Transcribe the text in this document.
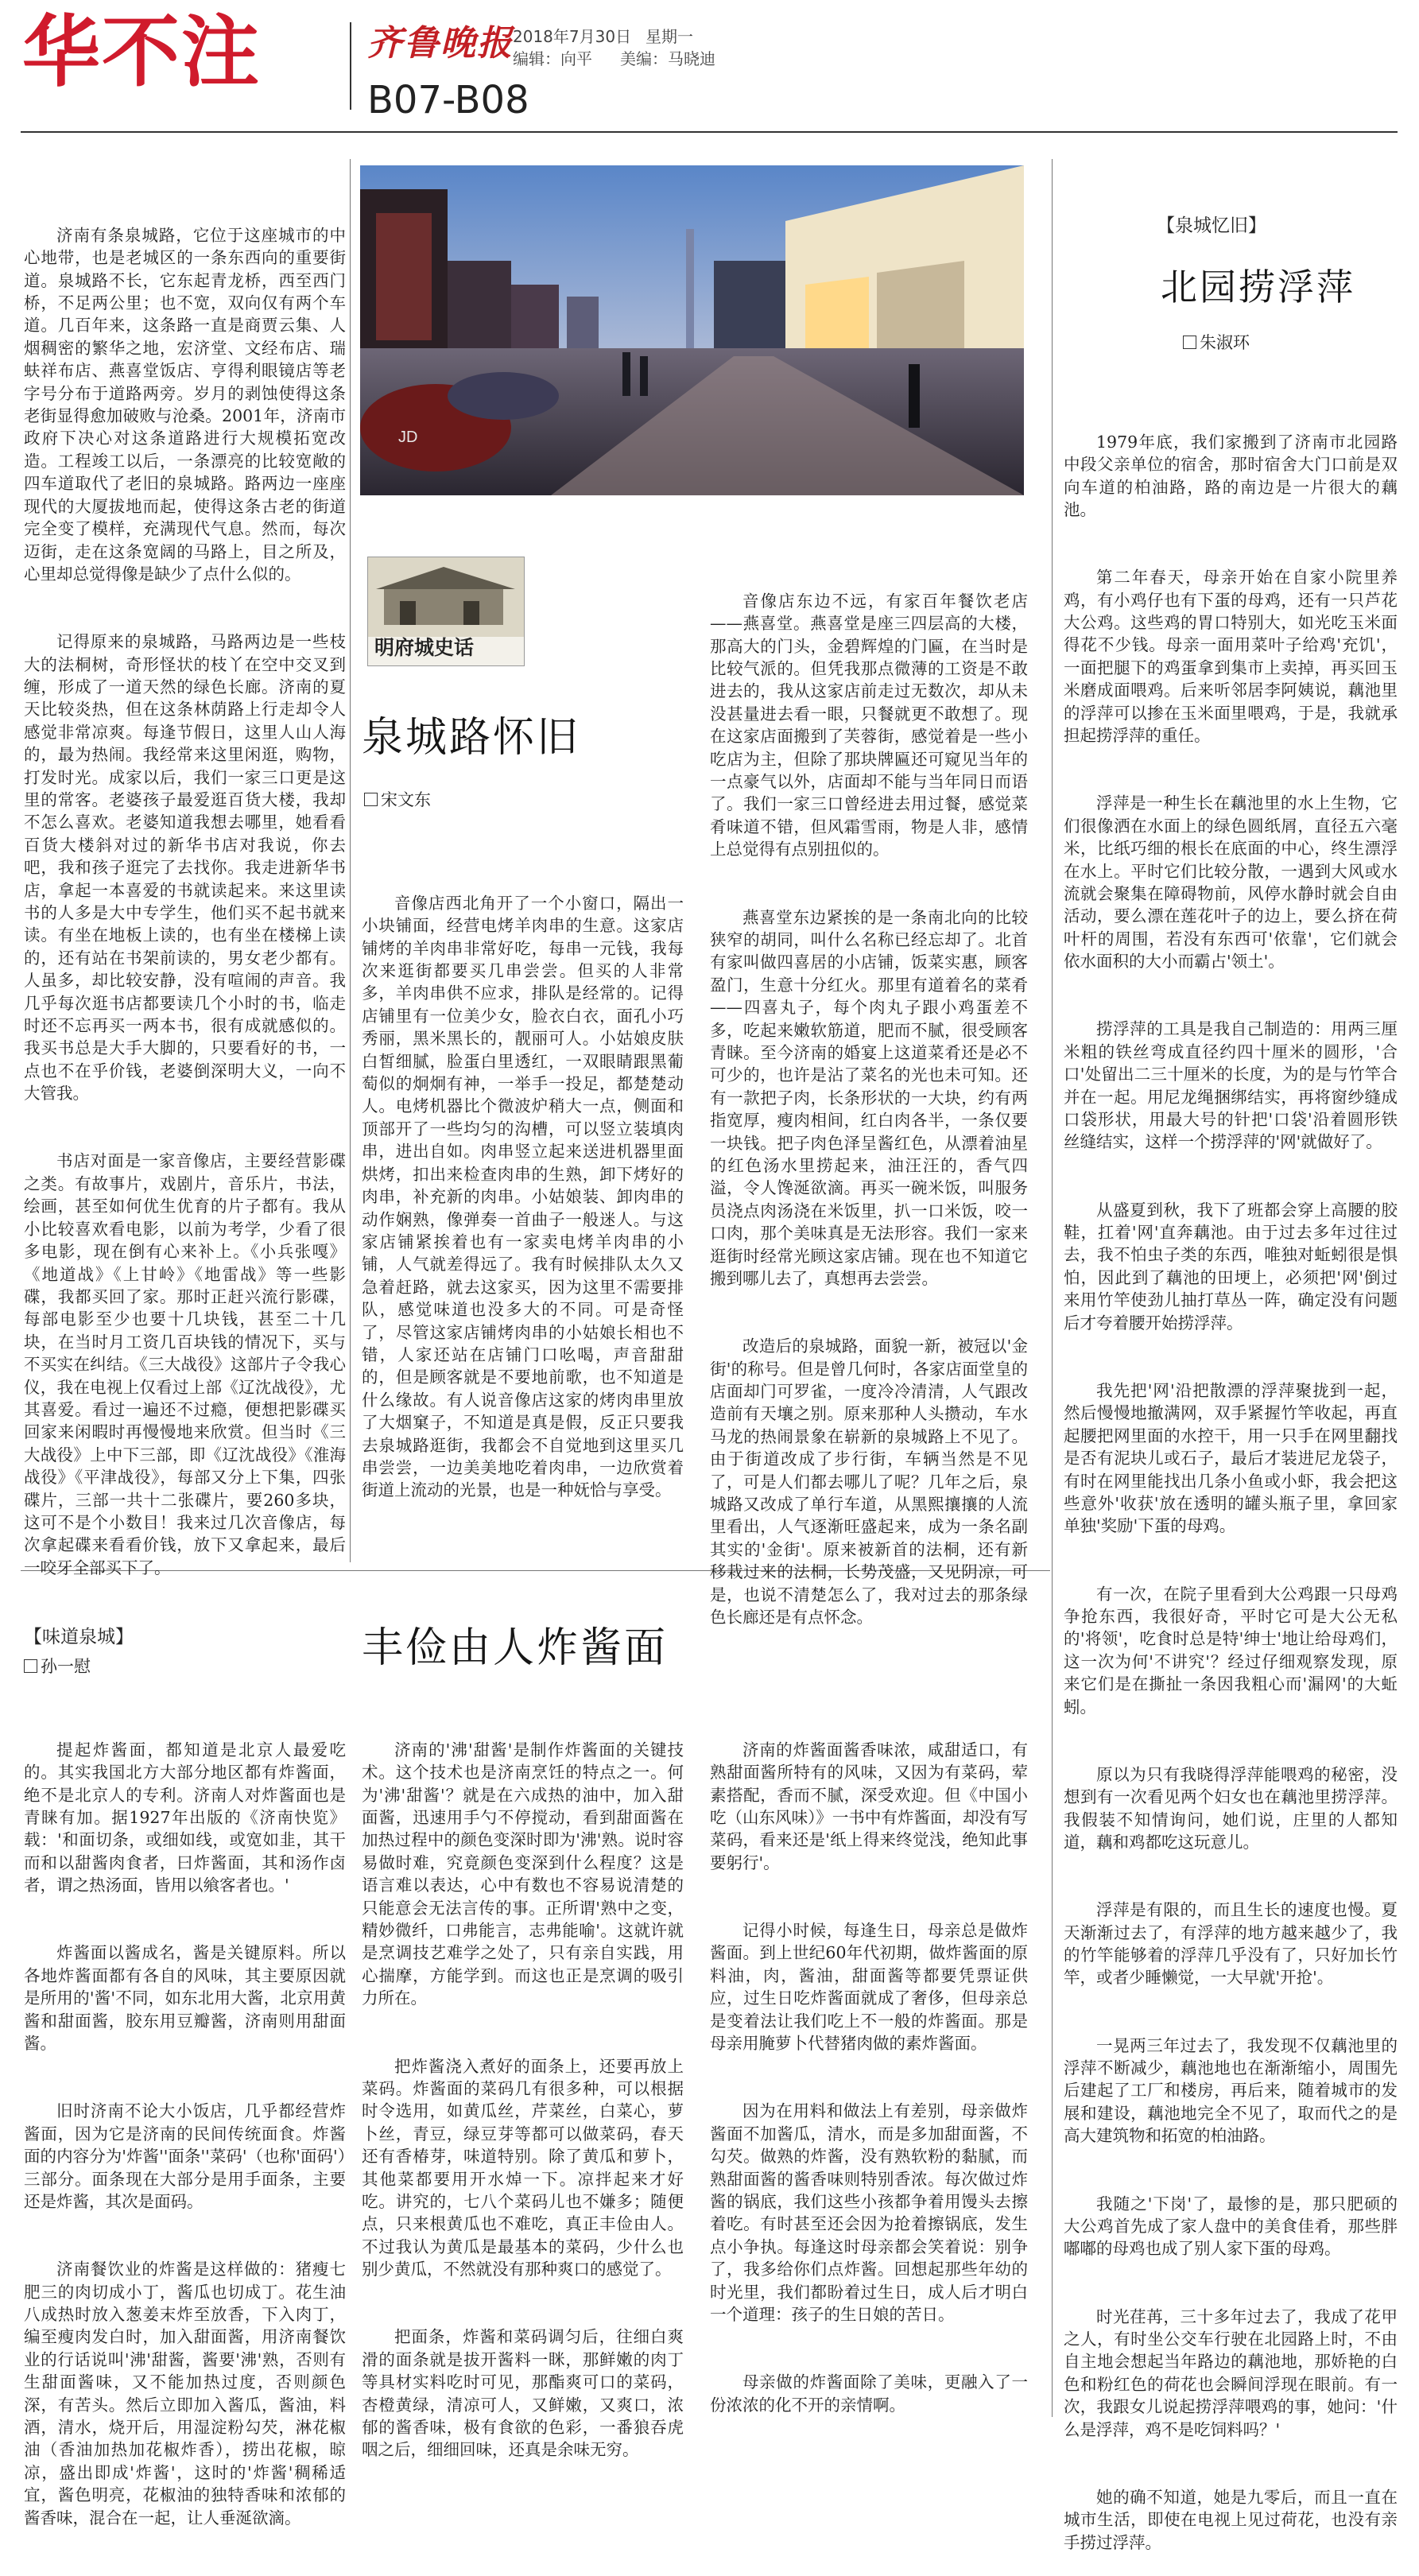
华不注	齐鲁晚报 2018年7月30日 星期一
编辑：向平 美编：马晓迪
B07-B08
JD

济南有条泉城路，它位于这座城市的中心地带，也是老城区的一条东西向的重要街道。泉城路不长，它东起青龙桥，西至西门桥，不足两公里；也不宽，双向仅有两个车道。几百年来，这条路一直是商贾云集、人烟稠密的繁华之地，宏济堂、文经布店、瑞蚨祥布店、燕喜堂饭店、亨得利眼镜店等老字号分布于道路两旁。岁月的剥蚀使得这条老街显得愈加破败与沧桑。2001年，济南市政府下决心对这条道路进行大规模拓宽改造。工程竣工以后，一条漂亮的比较宽敞的四车道取代了老旧的泉城路。路两边一座座现代的大厦拔地而起，使得这条古老的街道完全变了模样，充满现代气息。然而，每次迈街，走在这条宽阔的马路上，目之所及，心里却总觉得像是缺少了点什么似的。

记得原来的泉城路，马路两边是一些枝大的法桐树，奇形怪状的枝丫在空中交叉到缠，形成了一道天然的绿色长廊。济南的夏天比较炎热，但在这条林荫路上行走却令人感觉非常凉爽。每逢节假日，这里人山人海的，最为热闹。我经常来这里闲逛，购物，打发时光。成家以后，我们一家三口更是这里的常客。老婆孩子最爱逛百货大楼，我却不怎么喜欢。老婆知道我想去哪里，她看看百货大楼斜对过的新华书店对我说，你去吧，我和孩子逛完了去找你。我走进新华书店，拿起一本喜爱的书就读起来。来这里读书的人多是大中专学生，他们买不起书就来读。有坐在地板上读的，也有坐在楼梯上读的，还有站在书架前读的，男女老少都有。人虽多，却比较安静，没有喧闹的声音。我几乎每次逛书店都要读几个小时的书，临走时还不忘再买一两本书，很有成就感似的。我买书总是大手大脚的，只要看好的书，一点也不在乎价钱，老婆倒深明大义，一向不大管我。

书店对面是一家音像店，主要经营影碟之类。有故事片，戏剧片，音乐片，书法，绘画，甚至如何优生优育的片子都有。我从小比较喜欢看电影，以前为考学，少看了很多电影，现在倒有心来补上。《小兵张嘎》《地道战》《上甘岭》《地雷战》等一些影碟，我都买回了家。那时正赶兴流行影碟，每部电影至少也要十几块钱，甚至二十几块，在当时月工资几百块钱的情况下，买与不买实在纠结。《三大战役》这部片子令我心仪，我在电视上仅看过上部《辽沈战役》，尤其喜爱。看过一遍还不过瘾，便想把影碟买回家来闲暇时再慢慢地来欣赏。但当时《三大战役》上中下三部，即《辽沈战役》《淮海战役》《平津战役》，每部又分上下集，四张碟片，三部一共十二张碟片，要260多块，这可不是个小数目！我来过几次音像店，每次拿起碟来看看价钱，放下又拿起来，最后一咬牙全部买下了。

明府城史话
泉城路怀旧
宋文东

音像店西北角开了一个小窗口，隔出一小块铺面，经营电烤羊肉串的生意。这家店铺烤的羊肉串非常好吃，每串一元钱，我每次来逛街都要买几串尝尝。但买的人非常多，羊肉串供不应求，排队是经常的。记得店铺里有一位美少女，脸衣白衣，面孔小巧秀丽，黑米黑长的，靓丽可人。小姑娘皮肤白皙细腻，脸蛋白里透红，一双眼睛跟黑葡萄似的炯炯有神，一举手一投足，都楚楚动人。电烤机器比个微波炉稍大一点，侧面和顶部开了一些均匀的沟槽，可以竖立装填肉串，进出自如。肉串竖立起来送进机器里面烘烤，扣出来检查肉串的生熟，卸下烤好的肉串，补充新的肉串。小姑娘装、卸肉串的动作娴熟，像弹奏一首曲子一般迷人。与这家店铺紧挨着也有一家卖电烤羊肉串的小铺，人气就差得远了。我有时候排队太久又急着赶路，就去这家买，因为这里不需要排队，感觉味道也没多大的不同。可是奇怪了，尽管这家店铺烤肉串的小姑娘长相也不错，人家还站在店铺门口吆喝，声音甜甜的，但是顾客就是不要地前歌，也不知道是什么缘故。有人说音像店这家的烤肉串里放了大烟窠子，不知道是真是假，反正只要我去泉城路逛街，我都会不自觉地到这里买几串尝尝，一边美美地吃着肉串，一边欣赏着街道上流动的光景，也是一种妩恰与享受。

音像店东边不远，有家百年餐饮老店——燕喜堂。燕喜堂是座三四层高的大楼，那高大的门头，金碧辉煌的门匾，在当时是比较气派的。但凭我那点微薄的工资是不敢进去的，我从这家店前走过无数次，却从未没甚量进去看一眼，只餐就更不敢想了。现在这家店面搬到了芙蓉街，感觉着是一些小吃店为主，但除了那块牌匾还可窥见当年的一点豪气以外，店面却不能与当年同日而语了。我们一家三口曾经进去用过餐，感觉菜肴味道不错，但风霜雪雨，物是人非，感情上总觉得有点别扭似的。

燕喜堂东边紧挨的是一条南北向的比较狭窄的胡同，叫什么名称已经忘却了。北首有家叫做四喜居的小店铺，饭菜实惠，顾客盈门，生意十分红火。那里有道着名的菜肴——四喜丸子，每个肉丸子跟小鸡蛋差不多，吃起来嫩软筋道，肥而不腻，很受顾客青睐。至今济南的婚宴上这道菜肴还是必不可少的，也许是沾了菜名的光也未可知。还有一款把子肉，长条形状的一大块，约有两指宽厚，瘦肉相间，红白肉各半，一条仅要一块钱。把子肉色泽呈酱红色，从漂着油星的红色汤水里捞起来，油汪汪的，香气四溢，令人馋涎欲滴。再买一碗米饭，叫服务员浇点肉汤浇在米饭里，扒一口米饭，咬一口肉，那个美味真是无法形容。我们一家来逛街时经常光顾这家店铺。现在也不知道它搬到哪儿去了，真想再去尝尝。

改造后的泉城路，面貌一新，被冠以'金街'的称号。但是曾几何时，各家店面堂皇的店面却门可罗雀，一度冷冷清清，人气跟改造前有天壤之别。原来那种人头攒动，车水马龙的热闹景象在崭新的泉城路上不见了。由于街道改成了步行街，车辆当然是不见了，可是人们都去哪儿了呢？几年之后，泉城路又改成了单行车道，从黑熙攘攘的人流里看出，人气逐渐旺盛起来，成为一条名副其实的'金街'。原来被新首的法桐，还有新移栽过来的法桐，长势茂盛，又见阴凉，可是，也说不清楚怎么了，我对过去的那条绿色长廊还是有点怀念。

【泉城忆旧】
北园捞浮萍
朱淑环

1979年底，我们家搬到了济南市北园路中段父亲单位的宿舍，那时宿舍大门口前是双向车道的柏油路，路的南边是一片很大的藕池。

第二年春天，母亲开始在自家小院里养鸡，有小鸡仔也有下蛋的母鸡，还有一只芦花大公鸡。这些鸡的胃口特别大，如光吃玉米面得花不少钱。母亲一面用菜叶子给鸡'充饥'，一面把腿下的鸡蛋拿到集市上卖掉，再买回玉米磨成面喂鸡。后来听邻居李阿姨说，藕池里的浮萍可以掺在玉米面里喂鸡，于是，我就承担起捞浮萍的重任。

浮萍是一种生长在藕池里的水上生物，它们很像洒在水面上的绿色圆纸屑，直径五六毫米，比纸巧细的根长在底面的中心，终生漂浮在水上。平时它们比较分散，一遇到大风或水流就会聚集在障碍物前，风停水静时就会自由活动，要么漂在莲花叶子的边上，要么挤在荷叶杆的周围，若没有东西可'依靠'，它们就会依水面积的大小而霸占'领土'。

捞浮萍的工具是我自己制造的：用两三厘米粗的铁丝弯成直径约四十厘米的圆形，'合口'处留出二三十厘米的长度，为的是与竹竿合并在一起。用尼龙绳捆绑结实，再将窗纱缝成口袋形状，用最大号的针把'口袋'沿着圆形铁丝缝结实，这样一个捞浮萍的'网'就做好了。

从盛夏到秋，我下了班都会穿上高腰的胶鞋，扛着'网'直奔藕池。由于过去多年过往过去，我不怕虫子类的东西，唯独对蚯蚓很是惧怕，因此到了藕池的田埂上，必须把'网'倒过来用竹竿使劲儿抽打草丛一阵，确定没有问题后才夸着腰开始捞浮萍。

我先把'网'沿把散漂的浮萍聚拢到一起，然后慢慢地撤满网，双手紧握竹竿收起，再直起腰把网里面的水控干，用一只手在网里翻找是否有泥块儿或石子，最后才装进尼龙袋子，有时在网里能找出几条小鱼或小虾，我会把这些意外'收获'放在透明的罐头瓶子里，拿回家单独'奖励'下蛋的母鸡。

有一次，在院子里看到大公鸡跟一只母鸡争抢东西，我很好奇，平时它可是大公无私的'将领'，吃食时总是特'绅士'地让给母鸡们，这一次为何'不讲究'？经过仔细观察发现，原来它们是在撕扯一条因我粗心而'漏网'的大蚯蚓。

原以为只有我晓得浮萍能喂鸡的秘密，没想到有一次看见两个妇女也在藕池里捞浮萍。我假装不知情询问，她们说，庄里的人都知道，藕和鸡都吃这玩意儿。

浮萍是有限的，而且生长的速度也慢。夏天渐渐过去了，有浮萍的地方越来越少了，我的竹竿能够着的浮萍几乎没有了，只好加长竹竿，或者少睡懒觉，一大早就'开抢'。

一晃两三年过去了，我发现不仅藕池里的浮萍不断减少，藕池地也在渐渐缩小，周围先后建起了工厂和楼房，再后来，随着城市的发展和建设，藕池地完全不见了，取而代之的是高大建筑物和拓宽的柏油路。

我随之'下岗'了，最惨的是，那只肥硕的大公鸡首先成了家人盘中的美食佳肴，那些胖嘟嘟的母鸡也成了别人家下蛋的母鸡。

时光荏苒，三十多年过去了，我成了花甲之人，有时坐公交车行驶在北园路上时，不由自主地会想起当年路边的藕池地，那娇艳的白色和粉红色的荷花也会瞬间浮现在眼前。有一次，我跟女儿说起捞浮萍喂鸡的事，她问：'什么是浮萍，鸡不是吃饲料吗？'

她的确不知道，她是九零后，而且一直在城市生活，即使在电视上见过荷花，也没有亲手捞过浮萍。

【味道泉城】
孙一慰	丰俭由人炸酱面

提起炸酱面，都知道是北京人最爱吃的。其实我国北方大部分地区都有炸酱面，绝不是北京人的专利。济南人对炸酱面也是青睐有加。据1927年出版的《济南快览》载：'和面切条，或细如线，或宽如韭，其干而和以甜酱肉食者，曰炸酱面，其和汤作卤者，谓之热汤面，皆用以飨客者也。'

炸酱面以酱成名，酱是关键原料。所以各地炸酱面都有各自的风味，其主要原因就是所用的'酱'不同，如东北用大酱，北京用黄酱和甜面酱，胶东用豆瓣酱，济南则用甜面酱。

旧时济南不论大小饭店，几乎都经营炸酱面，因为它是济南的民间传统面食。炸酱面的内容分为'炸酱''面条''菜码'（也称'面码'）三部分。面条现在大部分是用手面条，主要还是炸酱，其次是面码。

济南餐饮业的炸酱是这样做的：猪瘦七肥三的肉切成小丁，酱瓜也切成丁。花生油八成热时放入葱姜末炸至放香，下入肉丁，编至瘦肉发白时，加入甜面酱，用济南餐饮业的行话说叫'沸'甜酱，酱要'沸'熟，否则有生甜面酱味，又不能加热过度，否则颜色深，有苦头。然后立即加入酱瓜，酱油，料酒，清水，烧开后，用湿淀粉勾芡，淋花椒油（香油加热加花椒炸香），捞出花椒，晾凉，盛出即成'炸酱'，这时的'炸酱'稠稀适宜，酱色明亮，花椒油的独特香味和浓郁的酱香味，混合在一起，让人垂涎欲滴。

济南的'沸'甜酱'是制作炸酱面的关键技术。这个技术也是济南烹饪的特点之一。何为'沸'甜酱'？就是在六成热的油中，加入甜面酱，迅速用手勺不停搅动，看到甜面酱在加热过程中的颜色变深时即为'沸'熟。说时容易做时难，究竟颜色变深到什么程度？这是语言难以表达，心中有数也不容易说清楚的只能意会无法言传的事。正所谓'熟中之变，精妙微纤，口弗能言，志弗能喻'。这就许就是烹调技艺难学之处了，只有亲自实践，用心揣摩，方能学到。而这也正是烹调的吸引力所在。

把炸酱浇入煮好的面条上，还要再放上菜码。炸酱面的菜码几有很多种，可以根据时令选用，如黄瓜丝，芹菜丝，白菜心，萝卜丝，青豆，绿豆芽等都可以做菜码，春天还有香椿芽，味道特别。除了黄瓜和萝卜，其他菜都要用开水焯一下。凉拌起来才好吃。讲究的，七八个菜码儿也不嫌多；随便点，只来根黄瓜也不难吃，真正丰俭由人。不过我认为黄瓜是最基本的菜码，少什么也别少黄瓜，不然就没有那种爽口的感觉了。

把面条，炸酱和菜码调匀后，往细白爽滑的面条就是拔开酱料一眯，那鲜嫩的肉丁等具材实料吃时可见，那酯爽可口的菜码，杏橙黄绿，清凉可人，又鲜嫩，又爽口，浓郁的酱香味，极有食欲的色彩，一番狼吞虎咽之后，细细回味，还真是余味无穷。

济南的炸酱面酱香味浓，咸甜适口，有熟甜面酱所特有的风味，又因为有菜码，荤素搭配，香而不腻，深受欢迎。但《中国小吃（山东风味）》一书中有炸酱面，却没有写菜码，看来还是'纸上得来终觉浅，绝知此事要躬行'。

记得小时候，每逢生日，母亲总是做炸酱面。到上世纪60年代初期，做炸酱面的原料油，肉，酱油，甜面酱等都要凭票证供应，过生日吃炸酱面就成了奢侈，但母亲总是变着法让我们吃上不一般的炸酱面。那是母亲用腌萝卜代替猪肉做的素炸酱面。

因为在用料和做法上有差别，母亲做炸酱面不加酱瓜，清水，而是多加甜面酱，不勾芡。做熟的炸酱，没有熟软粉的黏腻，而熟甜面酱的酱香味则特别香浓。每次做过炸酱的锅底，我们这些小孩都争着用馒头去擦着吃。有时甚至还会因为抢着擦锅底，发生点小争执。每逢这时母亲都会笑着说：别争了，我多给你们点炸酱。回想起那些年幼的时光里，我们都盼着过生日，成人后才明白一个道理：孩子的生日娘的苦日。

母亲做的炸酱面除了美味，更融入了一份浓浓的化不开的亲情啊。
